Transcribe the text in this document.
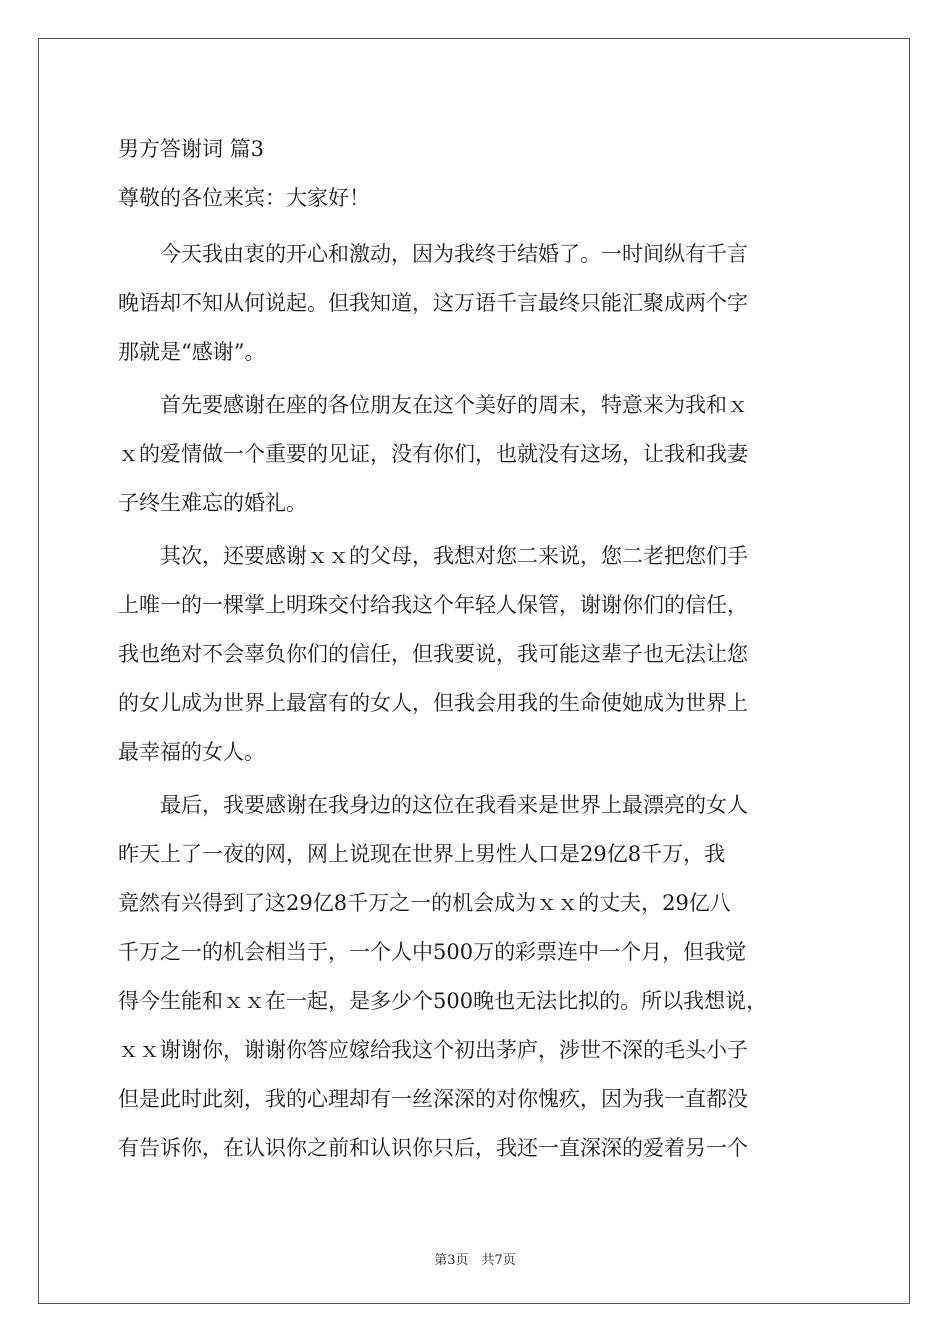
男方答谢词 篇3
尊敬的各位来宾：大家好！
　　今天我由衷的开心和激动，因为我终于结婚了。一时间纵有千言
晚语却不知从何说起。但我知道，这万语千言最终只能汇聚成两个字
那就是“感谢”。
　　首先要感谢在座的各位朋友在这个美好的周末，特意来为我和ｘ
ｘ的爱情做一个重要的见证，没有你们，也就没有这场，让我和我妻
子终生难忘的婚礼。
　　其次，还要感谢ｘｘ的父母，我想对您二来说，您二老把您们手
上唯一的一棵掌上明珠交付给我这个年轻人保管，谢谢你们的信任，
我也绝对不会辜负你们的信任，但我要说，我可能这辈子也无法让您
的女儿成为世界上最富有的女人，但我会用我的生命使她成为世界上
最幸福的女人。
　　最后，我要感谢在我身边的这位在我看来是世界上最漂亮的女人
昨天上了一夜的网，网上说现在世界上男性人口是29亿8千万，我
竟然有兴得到了这29亿8千万之一的机会成为ｘｘ的丈夫，29亿八
千万之一的机会相当于，一个人中500万的彩票连中一个月，但我觉
得今生能和ｘｘ在一起，是多少个500晚也无法比拟的。所以我想说，
ｘｘ谢谢你，谢谢你答应嫁给我这个初出茅庐，涉世不深的毛头小子
但是此时此刻，我的心理却有一丝深深的对你愧疚，因为我一直都没
有告诉你，在认识你之前和认识你只后，我还一直深深的爱着另一个
第3页　共7页
